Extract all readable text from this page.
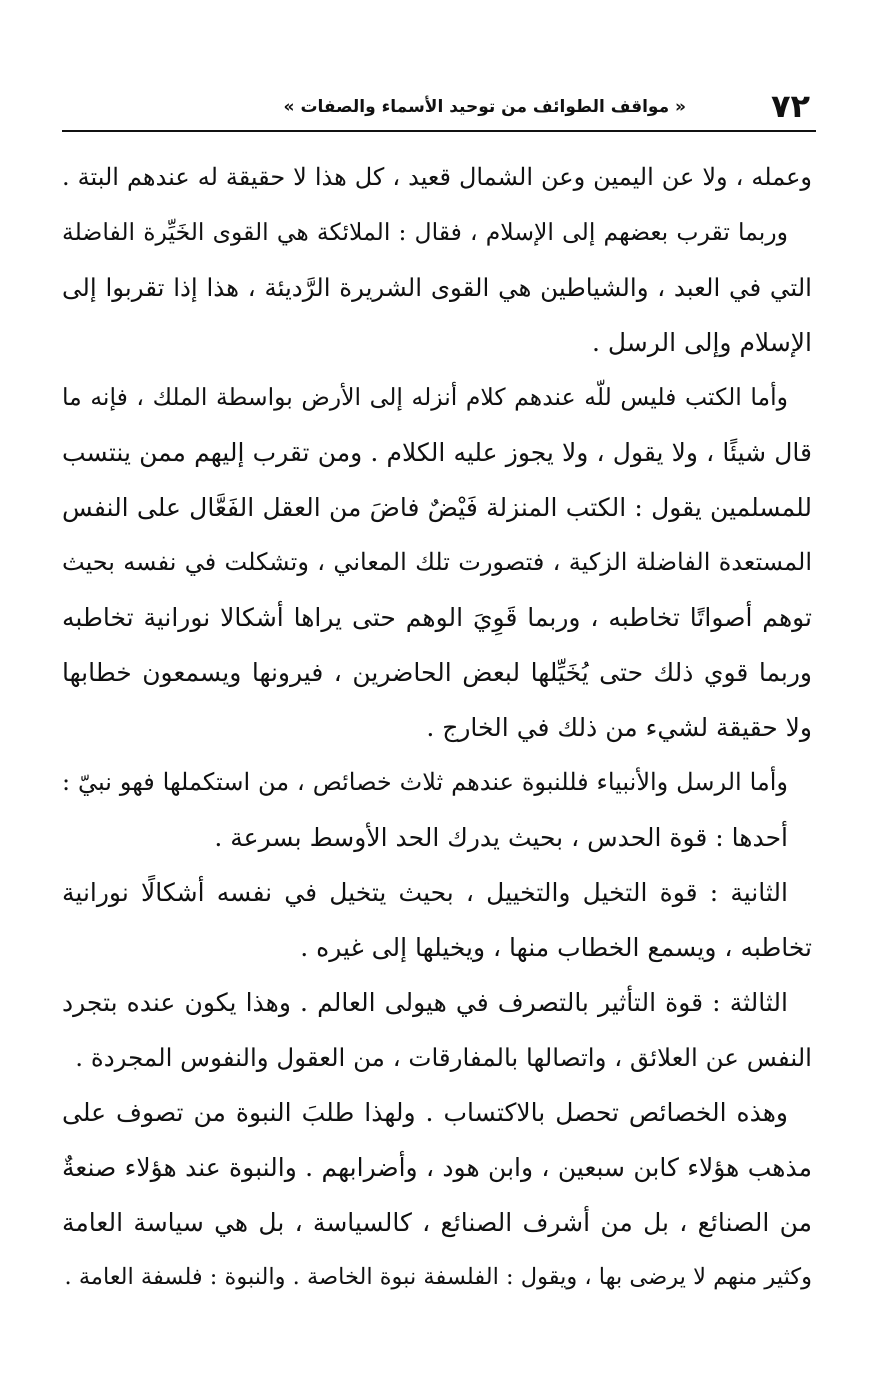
٧٢
« مواقف الطوائف من توحيد الأسماء والصفات »
وعمله ، ولا عن اليمين وعن الشمال قعيد ، كل هذا لا حقيقة له عندهم البتة .
وربما تقرب بعضهم إلى الإسلام ، فقال : الملائكة هي القوى الخَيِّرة الفاضلة
التي في العبد ، والشياطين هي القوى الشريرة الرَّديئة ، هذا إذا تقربوا إلى
الإسلام وإلى الرسل .
وأما الكتب فليس للّه عندهم كلام أنزله إلى الأرض بواسطة الملك ، فإنه ما
قال شيئًا ، ولا يقول ، ولا يجوز عليه الكلام . ومن تقرب إليهم ممن ينتسب
للمسلمين يقول : الكتب المنزلة فَيْضٌ فاضَ من العقل الفَعَّال على النفس
المستعدة الفاضلة الزكية ، فتصورت تلك المعاني ، وتشكلت في نفسه بحيث
توهم أصواتًا تخاطبه ، وربما قَوِيَ الوهم حتى يراها أشكالا نورانية تخاطبه
وربما قوي ذلك حتى يُخَيِّلها لبعض الحاضرين ، فيرونها ويسمعون خطابها
ولا حقيقة لشيء من ذلك في الخارج .
وأما الرسل والأنبياء فللنبوة عندهم ثلاث خصائص ، من استكملها فهو نبيّ :
أحدها : قوة الحدس ، بحيث يدرك الحد الأوسط بسرعة .
الثانية : قوة التخيل والتخييل ، بحيث يتخيل في نفسه أشكالًا نورانية
تخاطبه ، ويسمع الخطاب منها ، ويخيلها إلى غيره .
الثالثة : قوة التأثير بالتصرف في هيولى العالم . وهذا يكون عنده بتجرد
النفس عن العلائق ، واتصالها بالمفارقات ، من العقول والنفوس المجردة .
وهذه الخصائص تحصل بالاكتساب . ولهذا طلبَ النبوة من تصوف على
مذهب هؤلاء كابن سبعين ، وابن هود ، وأضرابهم . والنبوة عند هؤلاء صنعةٌ
من الصنائع ، بل من أشرف الصنائع ، كالسياسة ، بل هي سياسة العامة
وكثير منهم لا يرضى بها ، ويقول : الفلسفة نبوة الخاصة . والنبوة : فلسفة العامة .
